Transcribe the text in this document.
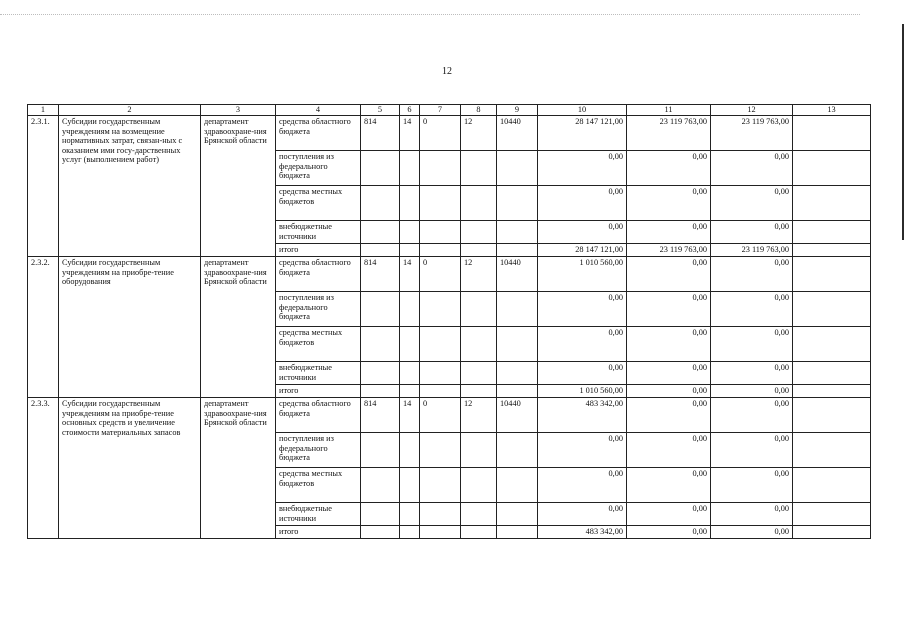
12
1	2	3	4	5	6	7	8	9	10	11	12	13
2.3.1.	Субсидии государственным учреждениям на возмещение нормативных затрат, связан-ных с оказанием ими госу-дарственных услуг (выполнением работ)	департамент здравоохране-ния Брянской области	средства областного бюджета	814	14	0	12	10440	28 147 121,00	23 119 763,00	23 119 763,00	
			поступления из федерального бюджета						0,00	0,00	0,00	
			средства местных бюджетов						0,00	0,00	0,00	
			внебюджетные источники						0,00	0,00	0,00	
			итого						28 147 121,00	23 119 763,00	23 119 763,00	
2.3.2.	Субсидии государственным учреждениям на приобре-тение оборудования	департамент здравоохране-ния Брянской области	средства областного бюджета	814	14	0	12	10440	1 010 560,00	0,00	0,00	
			поступления из федерального бюджета						0,00	0,00	0,00	
			средства местных бюджетов						0,00	0,00	0,00	
			внебюджетные источники						0,00	0,00	0,00	
			итого						1 010 560,00	0,00	0,00	
2.3.3.	Субсидии государственным учреждениям на приобре-тение основных средств и увеличение стоимости материальных запасов	департамент здравоохране-ния Брянской области	средства областного бюджета	814	14	0	12	10440	483 342,00	0,00	0,00	
			поступления из федерального бюджета						0,00	0,00	0,00	
			средства местных бюджетов						0,00	0,00	0,00	
			внебюджетные источники						0,00	0,00	0,00	
			итого						483 342,00	0,00	0,00	
